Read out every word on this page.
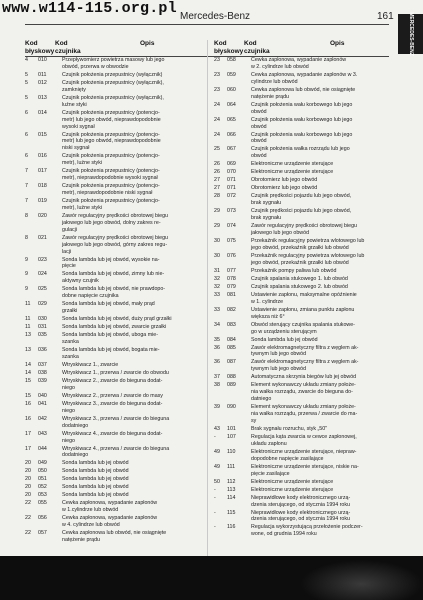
www.w114-115.org.pl Mercedes-Benz	161	MERCEDES-BENZ
Kod błyskowy
Kod czujnika
Opis	Kod błyskowy
Kod czujnika
Opis
4	010	Przepływomierz powietrza masowy lub jego
obwód, przerwa w obwodzie
5	011	Czujnik położenia przepustnicy (wyłącznik)
5	012	Czujnik położenia przepustnicy (wyłącznik),
zamknięty
5	013	Czujnik położenia przepustnicy (wyłącznik),
luźne styki
6	014	Czujnik położenia przepustnicy (potencjo-
metr) lub jego obwód, nieprawdopodobnie
wysoki sygnał
6	015	Czujnik położenia przepustnicy (potencjo-
metr) lub jego obwód, nieprawdopodobnie
niski sygnał
6	016	Czujnik położenia przepustnicy (potencjo-
metr), luźne styki
7	017	Czujnik położenia przepustnicy (potencjo-
metr), nieprawdopodobnie wysoki sygnał
7	018	Czujnik położenia przepustnicy (potencjo-
metr), nieprawdopodobnie niski sygnał
7	019	Czujnik położenia przepustnicy (potencjo-
metr), luźne styki
8	020	Zawór regulacyjny prędkości obrotowej biegu
jałowego lub jego obwód, dolny zakres re-
gulacji
8	021	Zawór regulacyjny prędkości obrotowej biegu
jałowego lub jego obwód, górny zakres regu-
lacji
9	023	Sonda lambda lub jej obwód, wysokie na-
pięcie
9	024	Sonda lambda lub jej obwód, zimny lub nie-
aktywny czujnik
9	025	Sonda lambda lub jej obwód, nie prawdopo-
dobne napięcie czujnika
11	029	Sonda lambda lub jej obwód, mały prąd
grzałki
11	030	Sonda lambda lub jej obwód, duży prąd grzałki
11	031	Sonda lambda lub jej obwód, zwarcie grzałki
13	035	Sonda lambda lub jej obwód, uboga mie-
szanka
13	036	Sonda lambda lub jej obwód, bogata mie-
szanka
14	037	Wtryskiwacz 1., zwarcie
14	038	Wtryskiwacz 1., przerwa / zwarcie do obwodu
15	039	Wtryskiwacz 2., zwarcie do bieguna dodat-
niego
15	040	Wtryskiwacz 2., przerwa / zwarcie do masy
16	041	Wtryskiwacz 3., zwarcie do bieguna dodat-
niego
16	042	Wtryskiwacz 3., przerwa / zwarcie do bieguna
dodatniego
17	043	Wtryskiwacz 4., zwarcie do bieguna dodat-
niego
17	044	Wtryskiwacz 4., przerwa / zwarcie do bieguna
dodatniego
20	049	Sonda lambda lub jej obwód
20	050	Sonda lambda lub jej obwód
20	051	Sonda lambda lub jej obwód
20	052	Sonda lambda lub jej obwód
20	053	Sonda lambda lub jej obwód
22	055	Cewka zapłonowa, wypadanie zapłonów
w 1.cylindrze lub obwód
22	056	Cewka zapłonowa, wypadanie zapłonów
w 4. cylindrze lub obwód
22	057	Cewka zapłonowa lub obwód, nie osiągnięte
natężenie prądu
23	058	Cewka zapłonowa, wypadanie zapłonów
w 2. cylindrze lub obwód
23	059	Cewka zapłonowa, wypadanie zapłonów w 3.
cylindrze lub obwód
23	060	Cewka zapłonowa lub obwód, nie osiągnięte
natężenie prądu
24	064	Czujnik położenia wału korbowego lub jego
obwód
24	065	Czujnik położenia wału korbowego lub jego
obwód
24	066	Czujnik położenia wału korbowego lub jego
obwód
25	067	Czujnik położenia wałka rozrządu lub jego
obwód
26	069	Elektroniczne urządzenie sterujące
26	070	Elektroniczne urządzenie sterujące
27	071	Obrotomierz lub jego obwód
27	071	Obrotomierz lub jego obwód
28	072	Czujnik prędkości pojazdu lub jego obwód,
brak sygnału
29	073	Czujnik prędkości pojazdu lub jego obwód,
brak sygnału
29	074	Zawór regulacyjny prędkości obrotowej biegu
jałowego lub jego obwód
30	075	Przekaźnik regulacyjny powietrza wlotowego lub
jego obwód, przekaźnik grzałki lub obwód
30	076	Przekaźnik regulacyjny powietrza wlotowego lub
jego obwód, przekaźnik grzałki lub obwód
31	077	Przekaźnik pompy paliwa lub obwód
32	078	Czujnik spalania stukowego 1. lub obwód
32	079	Czujnik spalania stukowego 2. lub obwód
33	081	Ustawienie zapłonu, maksymalne opóźnienie
w 1. cylindrze
33	082	Ustawienie zapłonu, zmiana punktu zapłonu
większa niż 6°
34	083	Obwód sterujący czujnika spalania stukowe-
go w urządzeniu sterującym
35	084	Sonda lambda lub jej obwód
36	085	Zawór elektromagnetyczny filtra z węglem ak-
tywnym lub jego obwód
36	087	Zawór elektromagnetyczny filtra z węglem ak-
tywnym lub jego obwód
37	088	Automatyczna skrzynia biegów lub jej obwód
38	089	Element wykonawczy układu zmiany położe-
nia wałka rozrządu, zwarcie do bieguna do-
datniego
39	090	Element wykonawczy układu zmiany położe-
nia wałka rozrządu, przerwa / zwarcie do ma-
sy
43	101	Brak sygnału rozruchu, styk „50"
-	107	Regulacja kąta zwarcia w cewce zapłonowej,
układu zapłonu
49	110	Elektroniczne urządzenie sterujące, niepraw-
dopodobne napięcie zasilające
49	111	Elektroniczne urządzenie sterujące, niskie na-
pięcie zasilające
50	112	Elektroniczne urządzenie sterujące
-	113	Elektroniczne urządzenie sterujące
-	114	Nieprawidłowe kody elektronicznego urzą-
dzenia sterującego, od stycznia 1994 roku
-	115	Nieprawidłowe kody elektronicznego urzą-
dzenia sterującego, od stycznia 1994 roku
-	116	Regulacja wykorzystującą przełożenie podczer-
wone, od grudnia 1994 roku
